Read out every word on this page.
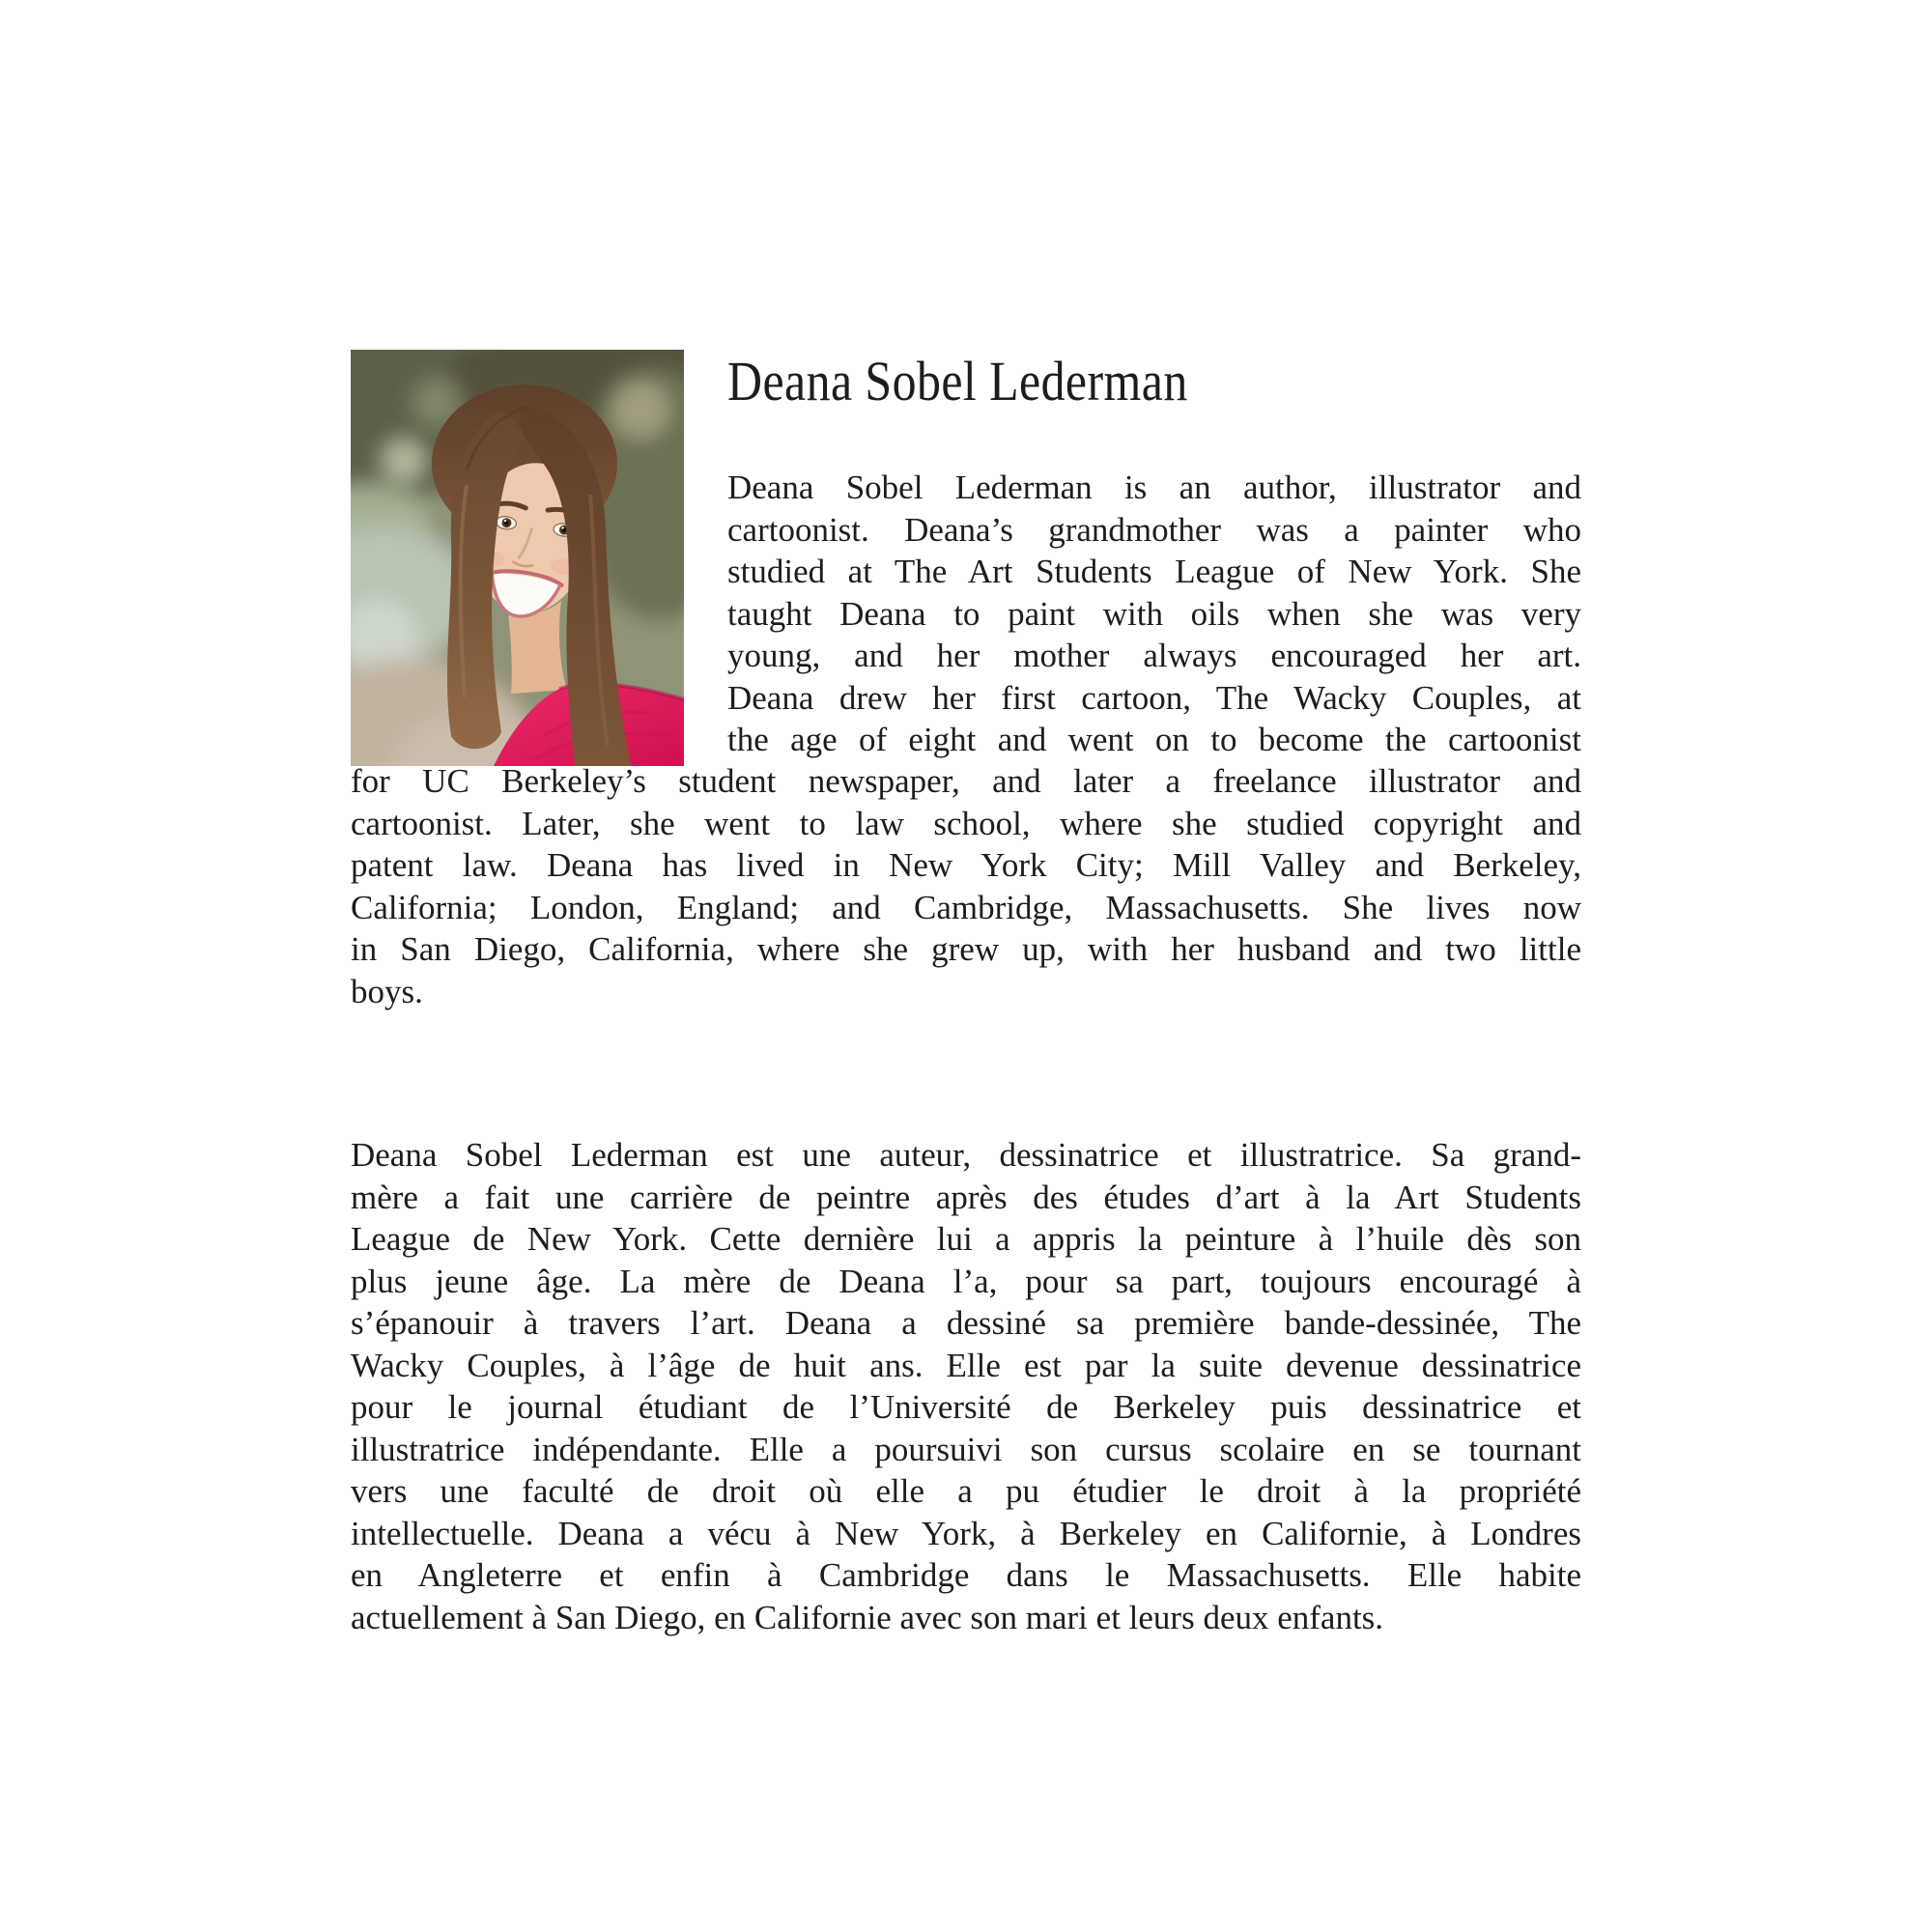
Deana Sobel Lederman

Deana Sobel Lederman is an author, illustrator and
cartoonist. Deana’s grandmother was a painter who
studied at The Art Students League of New York. She
taught Deana to paint with oils when she was very
young, and her mother always encouraged her art.
Deana drew her first cartoon, The Wacky Couples, at
the age of eight and went on to become the cartoonist

for UC Berkeley’s student newspaper, and later a freelance illustrator and
cartoonist. Later, she went to law school, where she studied copyright and
patent law. Deana has lived in New York City; Mill Valley and Berkeley,
California; London, England; and Cambridge, Massachusetts. She lives now
in San Diego, California, where she grew up, with her husband and two little
boys.

Deana Sobel Lederman est une auteur, dessinatrice et illustratrice. Sa grand-
mère a fait une carrière de peintre après des études d’art à la Art Students
League de New York. Cette dernière lui a appris la peinture à l’huile dès son
plus jeune âge. La mère de Deana l’a, pour sa part, toujours encouragé à
s’épanouir à travers l’art. Deana a dessiné sa première bande-dessinée, The
Wacky Couples, à l’âge de huit ans. Elle est par la suite devenue dessinatrice
pour le journal étudiant de l’Université de Berkeley puis dessinatrice et
illustratrice indépendante. Elle a poursuivi son cursus scolaire en se tournant
vers une faculté de droit où elle a pu étudier le droit à la propriété
intellectuelle. Deana a vécu à New York, à Berkeley en Californie, à Londres
en Angleterre et enfin à Cambridge dans le Massachusetts. Elle habite
actuellement à San Diego, en Californie avec son mari et leurs deux enfants.
